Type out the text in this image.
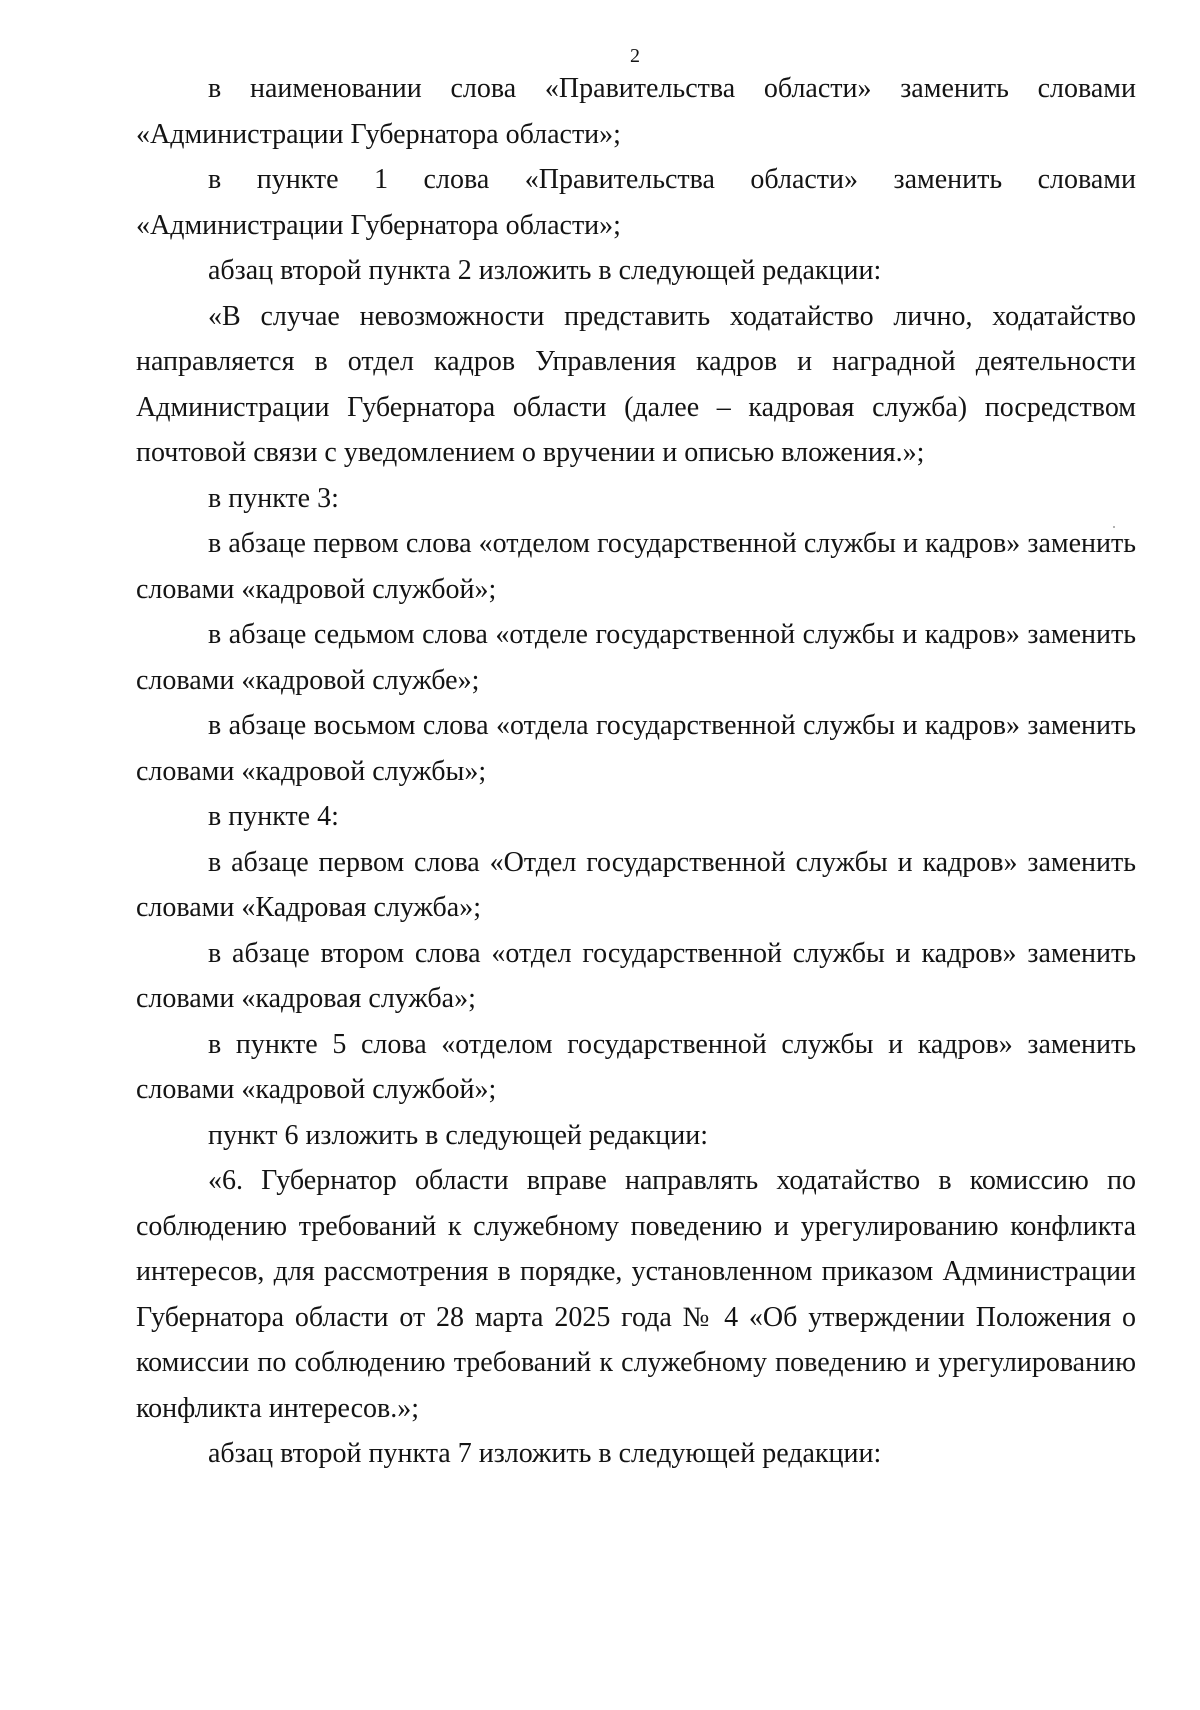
2

в наименовании слова «Правительства области» заменить словами «Администрации Губернатора области»;

в пункте 1 слова «Правительства области» заменить словами «Администрации Губернатора области»;

абзац второй пункта 2 изложить в следующей редакции:

«В случае невозможности представить ходатайство лично, ходатайство направляется в отдел кадров Управления кадров и наградной деятельности Администрации Губернатора области (далее – кадровая служба) посредством почтовой связи с уведомлением о вручении и описью вложения.»;

в пункте 3:

в абзаце первом слова «отделом государственной службы и кадров» заменить словами «кадровой службой»;

в абзаце седьмом слова «отделе государственной службы и кадров» заменить словами «кадровой службе»;

в абзаце восьмом слова «отдела государственной службы и кадров» заменить словами «кадровой службы»;

в пункте 4:

в абзаце первом слова «Отдел государственной службы и кадров» заменить словами «Кадровая служба»;

в абзаце втором слова «отдел государственной службы и кадров» заменить словами «кадровая служба»;

в пункте 5 слова «отделом государственной службы и кадров» заменить словами «кадровой службой»;

пункт 6 изложить в следующей редакции:

«6. Губернатор области вправе направлять ходатайство в комиссию по соблюдению требований к служебному поведению и урегулированию конфликта интересов, для рассмотрения в порядке, установленном приказом Администрации Губернатора области от 28 марта 2025 года № 4 «Об утверждении Положения о комиссии по соблюдению требований к служебному поведению и урегулированию конфликта интересов.»;

абзац второй пункта 7 изложить в следующей редакции:
